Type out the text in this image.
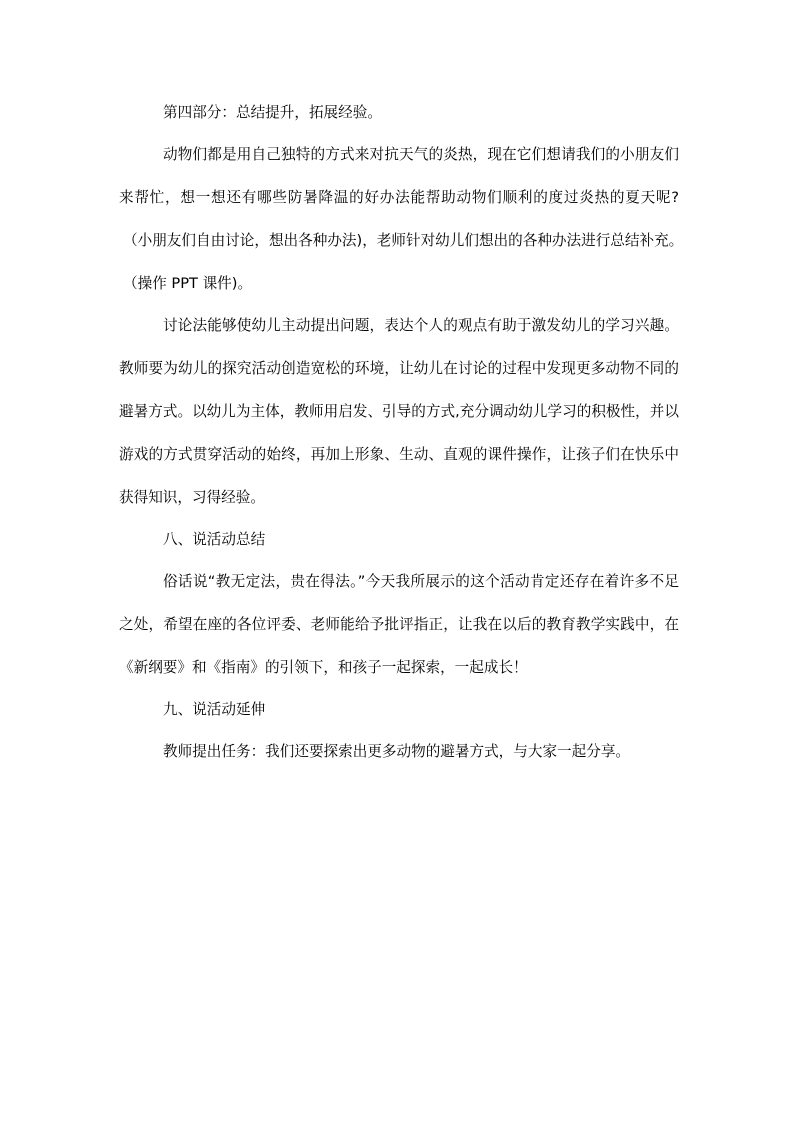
第四部分：总结提升，拓展经验。
动物们都是用自己独特的方式来对抗天气的炎热，现在它们想请我们的小朋友们
来帮忙，想一想还有哪些防暑降温的好办法能帮助动物们顺利的度过炎热的夏天呢?
（小朋友们自由讨论，想出各种办法)，老师针对幼儿们想出的各种办法进行总结补充。
（操作 PPT 课件)。
讨论法能够使幼儿主动提出问题，表达个人的观点有助于激发幼儿的学习兴趣。
教师要为幼儿的探究活动创造宽松的环境，让幼儿在讨论的过程中发现更多动物不同的
避暑方式。以幼儿为主体，教师用启发、引导的方式,充分调动幼儿学习的积极性，并以
游戏的方式贯穿活动的始终，再加上形象、生动、直观的课件操作，让孩子们在快乐中
获得知识，习得经验。
八、说活动总结
俗话说“教无定法，贵在得法。”今天我所展示的这个活动肯定还存在着许多不足
之处，希望在座的各位评委、老师能给予批评指正，让我在以后的教育教学实践中，在
《新纲要》和《指南》的引领下，和孩子一起探索，一起成长！
九、说活动延伸
教师提出任务：我们还要探索出更多动物的避暑方式，与大家一起分享。
